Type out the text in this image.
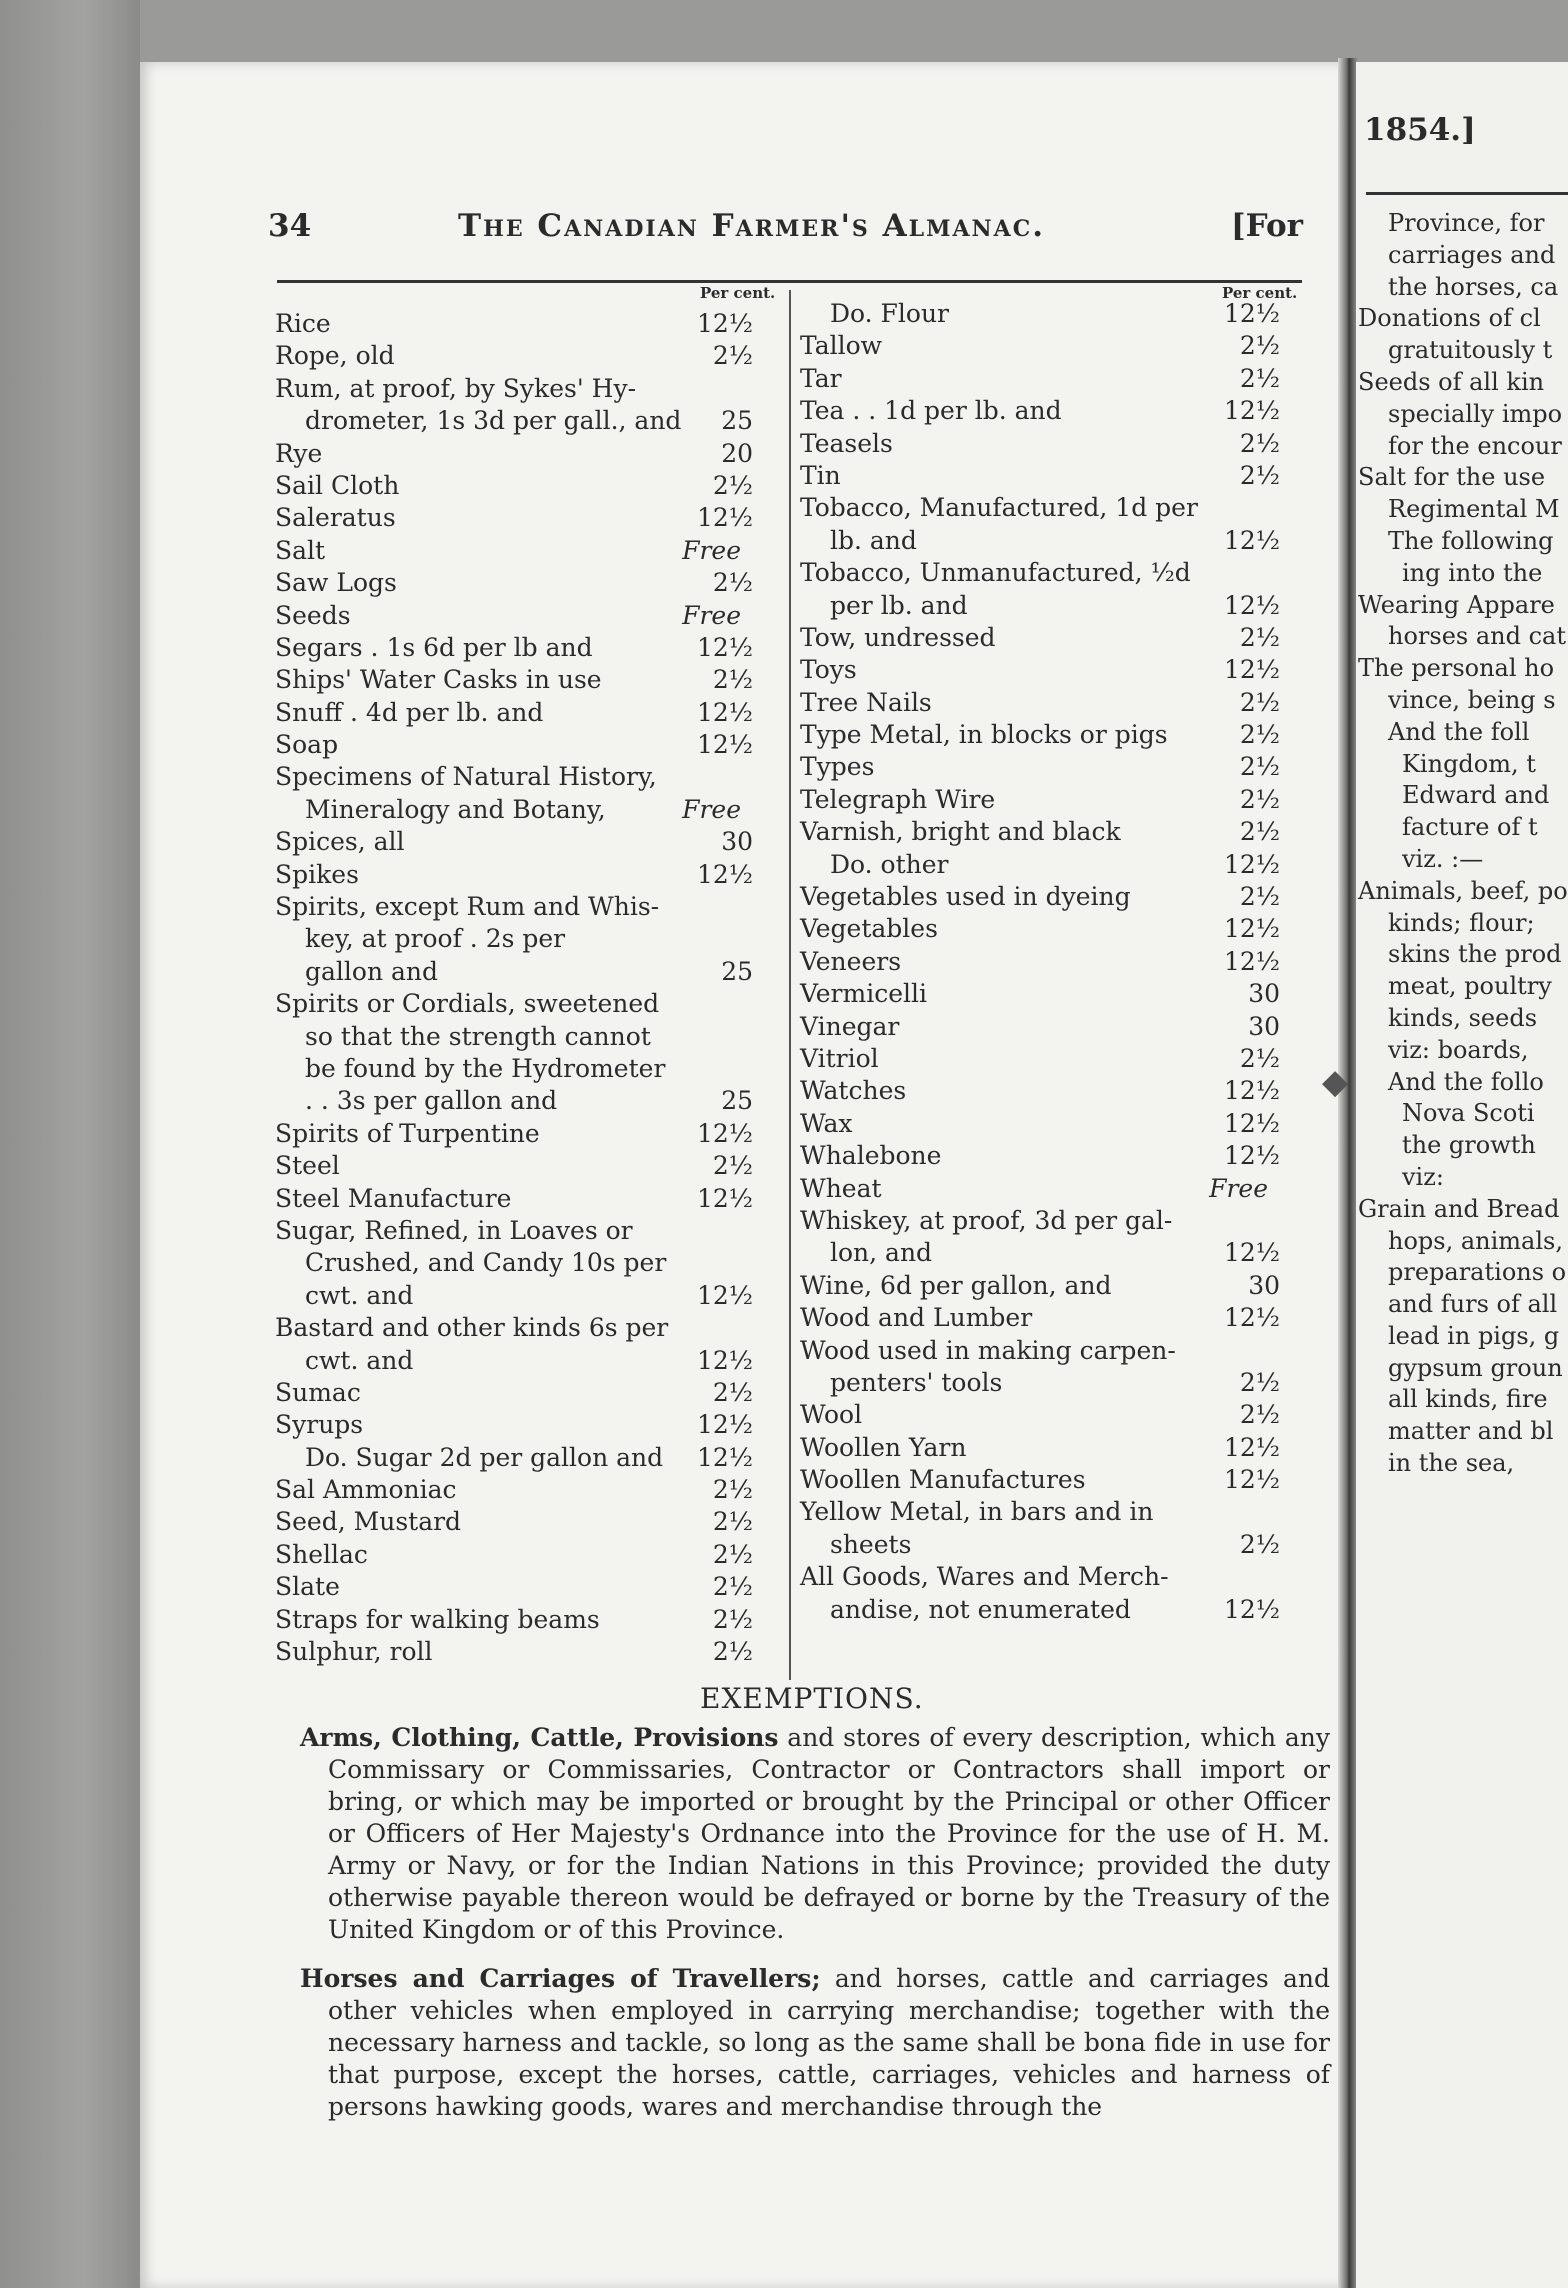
34	The Canadian Farmer's Almanac.	[For
Per cent.	Per cent.
Rice	12½
Rope, old	2½
Rum, at proof, by Sykes' Hy-
drometer, 1s 3d per gall., and 25
Rye	20
Sail Cloth	2½
Saleratus	12½
Salt	Free
Saw Logs	2½
Seeds	Free
Segars . 1s 6d per lb and	12½
Ships' Water Casks in use	2½
Snuff . 4d per lb. and	12½
Soap	12½
Specimens of Natural History,
Mineralogy and Botany,	Free
Spices, all	30
Spikes	12½
Spirits, except Rum and Whis-
key, at proof . 2s per
gallon and	25
Spirits or Cordials, sweetened
so that the strength cannot
be found by the Hydrometer
. . 3s per gallon and	25
Spirits of Turpentine	12½
Steel	2½
Steel Manufacture	12½
Sugar, Refined, in Loaves or
Crushed, and Candy 10s per
cwt. and	12½
Bastard and other kinds 6s per
cwt. and	12½
Sumac	2½
Syrups	12½
Do. Sugar 2d per gallon and 12½
Sal Ammoniac	2½
Seed, Mustard	2½
Shellac	2½
Slate	2½
Straps for walking beams	2½
Sulphur, roll	2½
Do. Flour	12½
Tallow	2½
Tar	2½
Tea . . 1d per lb. and	12½
Teasels	2½
Tin	2½
Tobacco, Manufactured, 1d per
lb. and	12½
Tobacco, Unmanufactured, ½d
per lb. and	12½
Tow, undressed	2½
Toys	12½
Tree Nails	2½
Type Metal, in blocks or pigs	2½
Types	2½
Telegraph Wire	2½
Varnish, bright and black	2½
Do. other	12½
Vegetables used in dyeing	2½
Vegetables	12½
Veneers	12½
Vermicelli	30
Vinegar	30
Vitriol	2½
Watches	12½
Wax	12½
Whalebone	12½
Wheat	Free
Whiskey, at proof, 3d per gal-
lon, and	12½
Wine, 6d per gallon, and	30
Wood and Lumber	12½
Wood used in making carpen-
penters' tools	2½
Wool	2½
Woollen Yarn	12½
Woollen Manufactures	12½
Yellow Metal, in bars and in
sheets	2½
All Goods, Wares and Merch-
andise, not enumerated	12½
EXEMPTIONS.
Arms, Clothing, Cattle, Provisions and stores of every description, which any Commissary or Commissaries, Contractor or Contractors shall import or bring, or which may be imported or brought by the Principal or other Officer or Officers of Her Majesty's Ordnance into the Province for the use of H. M. Army or Navy, or for the Indian Nations in this Province; provided the duty otherwise payable thereon would be defrayed or borne by the Treasury of the United Kingdom or of this Province.
Horses and Carriages of Travellers; and horses, cattle and carriages and other vehicles when employed in carrying merchandise; together with the necessary harness and tackle, so long as the same shall be bona fide in use for that purpose, except the horses, cattle, carriages, vehicles and harness of persons hawking goods, wares and merchandise through the
◆
1854.]
Province, for
carriages and
the horses, ca
Donations of cl
gratuitously t
Seeds of all kin
specially impo
for the encour
Salt for the use
Regimental M
The following
ing into the
Wearing Appare
horses and cat
The personal ho
vince, being s
And the foll
Kingdom, t
Edward and
facture of t
viz. :—
Animals, beef, po
kinds; flour;
skins the prod
meat, poultry
kinds, seeds
viz: boards,
And the follo
Nova Scoti
the growth
viz:
Grain and Bread
hops, animals,
preparations o
and furs of all
lead in pigs, g
gypsum groun
all kinds, fire
matter and bl
in the sea,
